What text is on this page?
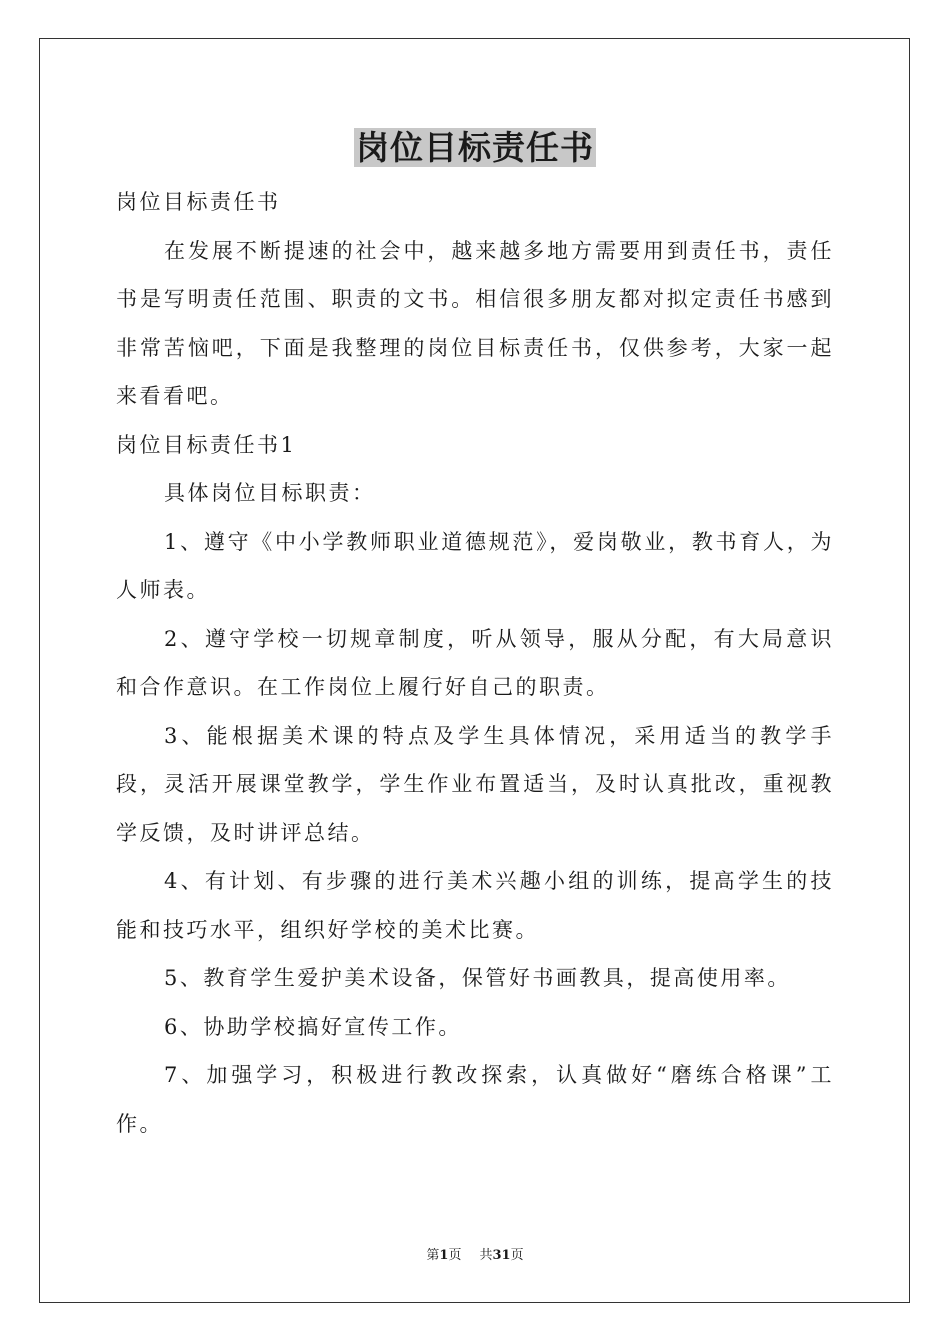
岗位目标责任书

岗位目标责任书

在发展不断提速的社会中，越来越多地方需要用到责任书，责任书是写明责任范围、职责的文书。相信很多朋友都对拟定责任书感到非常苦恼吧，下面是我整理的岗位目标责任书，仅供参考，大家一起来看看吧。

岗位目标责任书1

具体岗位目标职责：

1、遵守《中小学教师职业道德规范》，爱岗敬业，教书育人，为人师表。

2、遵守学校一切规章制度，听从领导，服从分配，有大局意识和合作意识。在工作岗位上履行好自己的职责。

3、能根据美术课的特点及学生具体情况，采用适当的教学手段，灵活开展课堂教学，学生作业布置适当，及时认真批改，重视教学反馈，及时讲评总结。

4、有计划、有步骤的进行美术兴趣小组的训练，提高学生的技能和技巧水平，组织好学校的美术比赛。

5、教育学生爱护美术设备，保管好书画教具，提高使用率。

6、协助学校搞好宣传工作。

7、加强学习，积极进行教改探索，认真做好“磨练合格课”工作。

第1页 共31页
